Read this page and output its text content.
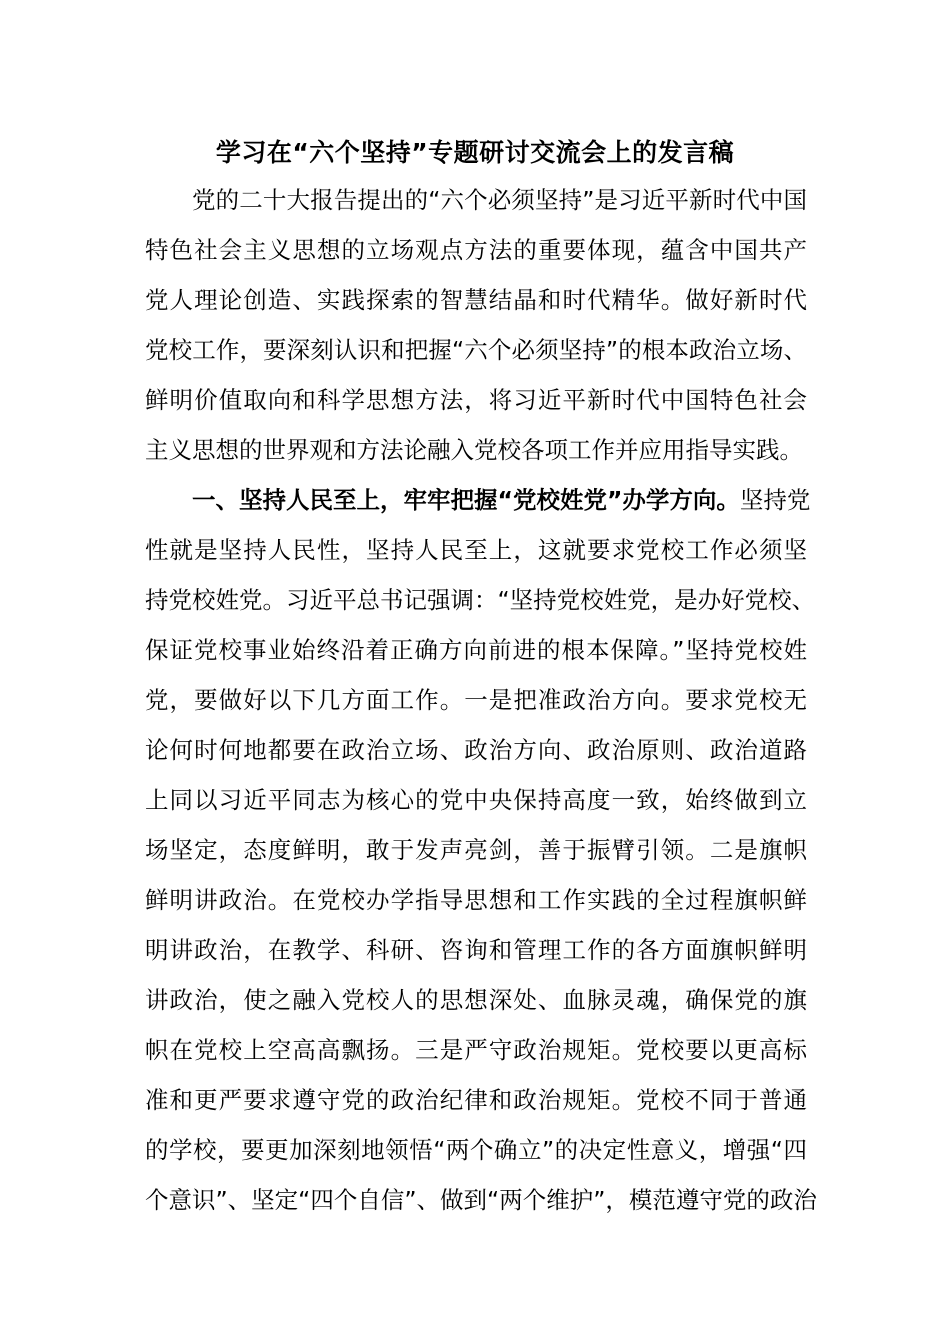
学习在“六个坚持”专题研讨交流会上的发言稿
党的二十大报告提出的“六个必须坚持”是习近平新时代中国
特色社会主义思想的立场观点方法的重要体现，蕴含中国共产
党人理论创造、实践探索的智慧结晶和时代精华。做好新时代
党校工作，要深刻认识和把握“六个必须坚持”的根本政治立场、
鲜明价值取向和科学思想方法，将习近平新时代中国特色社会
主义思想的世界观和方法论融入党校各项工作并应用指导实践。
一、坚持人民至上，牢牢把握“党校姓党”办学方向。坚持党
性就是坚持人民性，坚持人民至上，这就要求党校工作必须坚
持党校姓党。习近平总书记强调：“坚持党校姓党，是办好党校、
保证党校事业始终沿着正确方向前进的根本保障。”坚持党校姓
党，要做好以下几方面工作。一是把准政治方向。要求党校无
论何时何地都要在政治立场、政治方向、政治原则、政治道路
上同以习近平同志为核心的党中央保持高度一致，始终做到立
场坚定，态度鲜明，敢于发声亮剑，善于振臂引领。二是旗帜
鲜明讲政治。在党校办学指导思想和工作实践的全过程旗帜鲜
明讲政治，在教学、科研、咨询和管理工作的各方面旗帜鲜明
讲政治，使之融入党校人的思想深处、血脉灵魂，确保党的旗
帜在党校上空高高飘扬。三是严守政治规矩。党校要以更高标
准和更严要求遵守党的政治纪律和政治规矩。党校不同于普通
的学校，要更加深刻地领悟“两个确立”的决定性意义，增强“四
个意识”、坚定“四个自信”、做到“两个维护”，模范遵守党的政治
